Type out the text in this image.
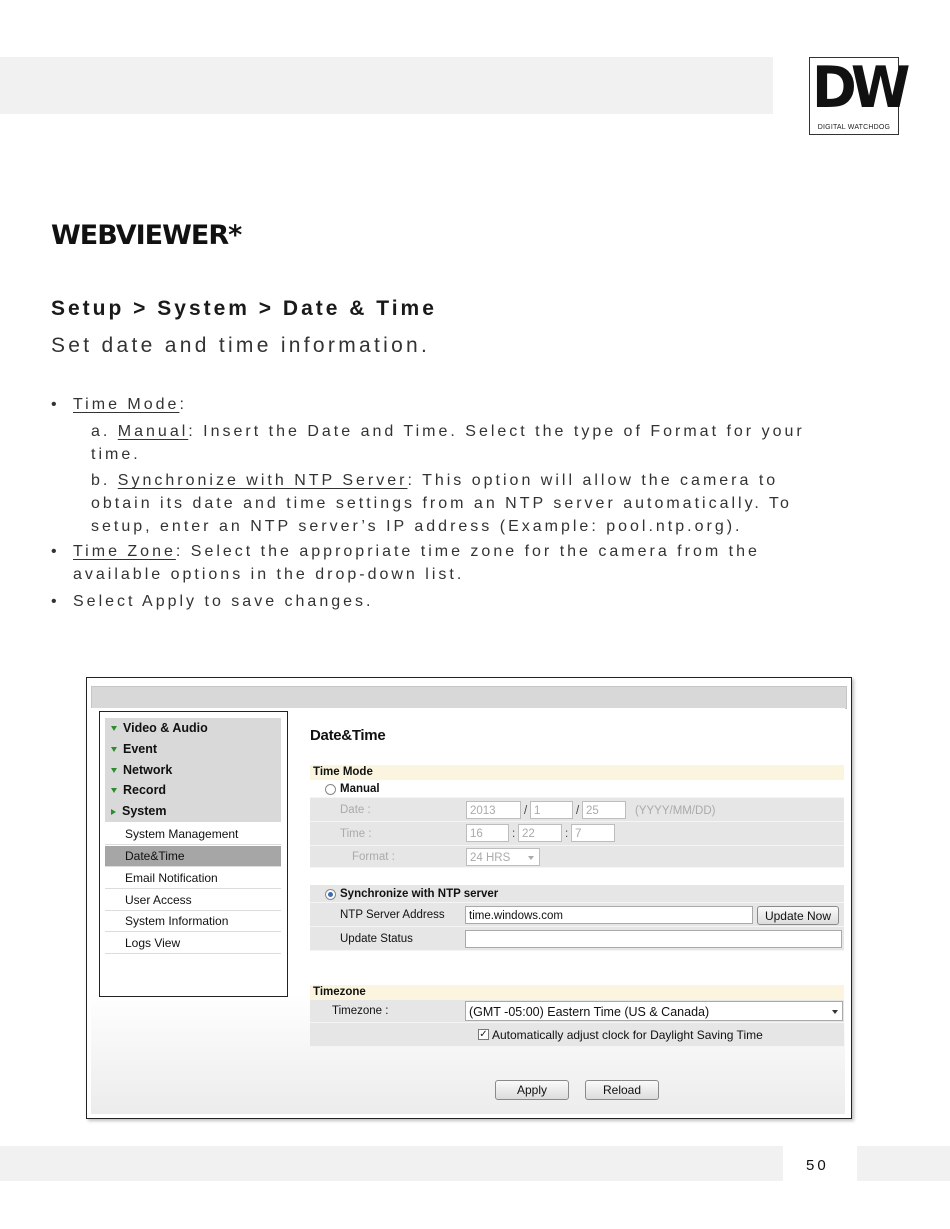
DW
DIGITAL WATCHDOG
WEBVIEWER*
Setup > System > Date & Time
Set date and time information.
• Time Mode:
a. Manual: Insert the Date and Time. Select the type of Format for your
time.
b. Synchronize with NTP Server: This option will allow the camera to
obtain its date and time settings from an NTP server automatically. To
setup, enter an NTP server’s IP address (Example: pool.ntp.org).
• Time Zone: Select the appropriate time zone for the camera from the
available options in the drop-down list.
• Select Apply to save changes.
Video & Audio
Event
Network
Record
System
System Management
Date&Time
Email Notification
User Access
System Information
Logs View
Date&Time
Time Mode
Manual
Date :	2013	/ 1	/ 25	(YYYY/MM/DD)
Time :	16	: 22	: 7
Format :	24 HRS
Synchronize with NTP server
NTP Server Address	time.windows.com	Update Now
Update Status
Timezone
Timezone :	(GMT -05:00) Eastern Time (US & Canada)
✓ Automatically adjust clock for Daylight Saving Time
Apply	Reload
50
